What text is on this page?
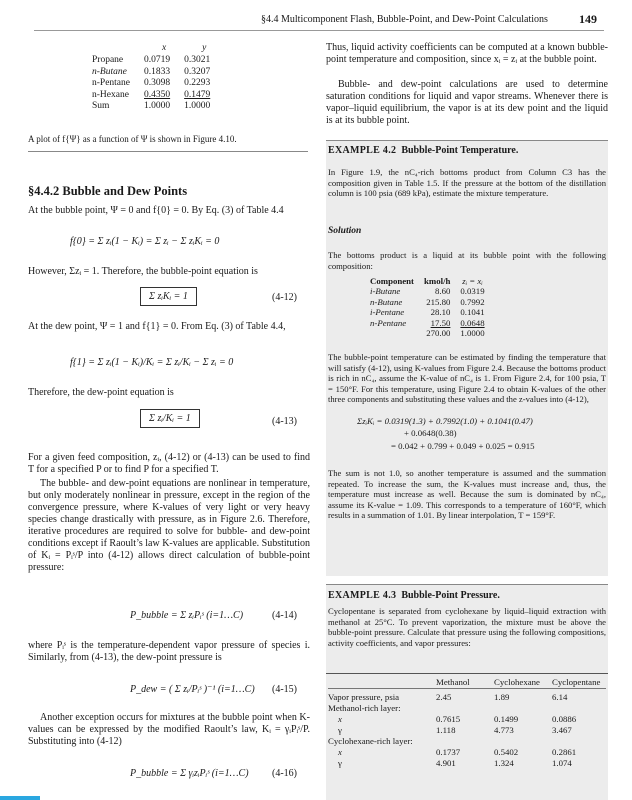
§4.4 Multicomponent Flash, Bubble-Point, and Dew-Point Calculations	149
	x	y
Propane	0.0719	0.3021
n-Butane	0.1833	0.3207
n-Pentane	0.3098	0.2293
n-Hexane	0.4350	0.1479
Sum	1.0000	1.0000
A plot of f{Ψ} as a function of Ψ is shown in Figure 4.10.
§4.4.2 Bubble and Dew Points

At the bubble point, Ψ = 0 and f{0} = 0. By Eq. (3) of Table 4.4

f{0} = Σ zᵢ(1 − Kᵢ) = Σ zᵢ − Σ zᵢKᵢ = 0

However, Σzᵢ = 1. Therefore, the bubble-point equation is

Σ zᵢKᵢ = 1	(4-12)

At the dew point, Ψ = 1 and f{1} = 0. From Eq. (3) of Table 4.4,

f{1} = Σ zᵢ(1 − Kᵢ)/Kᵢ = Σ zᵢ/Kᵢ − Σ zᵢ = 0

Therefore, the dew-point equation is

Σ zᵢ/Kᵢ = 1	(4-13)

For a given feed composition, zᵢ, (4-12) or (4-13) can be used to find T for a specified P or to find P for a specified T.

The bubble- and dew-point equations are nonlinear in temperature, but only moderately nonlinear in pressure, except in the region of the convergence pressure, where K-values of very light or very heavy species change drastically with pressure, as in Figure 2.6. Therefore, iterative procedures are required to solve for bubble- and dew-point conditions except if Raoult’s law K-values are applicable. Substitution of Kᵢ = Pᵢˢ/P into (4-12) allows direct calculation of bubble-point pressure:

P_bubble = Σ zᵢPᵢˢ (i=1…C)	(4-14)

where Pᵢˢ is the temperature-dependent vapor pressure of species i. Similarly, from (4-13), the dew-point pressure is

P_dew = ( Σ zᵢ/Pᵢˢ )⁻¹ (i=1…C) (4-15)

Another exception occurs for mixtures at the bubble point when K-values can be expressed by the modified Raoult’s law, Kᵢ = γᵢPᵢˢ/P. Substituting into (4-12)

P_bubble = Σ γᵢzᵢPᵢˢ (i=1…C) (4-16)

Thus, liquid activity coefficients can be computed at a known bubble-point temperature and composition, since xᵢ = zᵢ at the bubble point.

Bubble- and dew-point calculations are used to determine saturation conditions for liquid and vapor streams. Whenever there is vapor–liquid equilibrium, the vapor is at its dew point and the liquid is at its bubble point.

EXAMPLE 4.2 Bubble-Point Temperature.

In Figure 1.9, the nC₄-rich bottoms product from Column C3 has the composition given in Table 1.5. If the pressure at the bottom of the distillation column is 100 psia (689 kPa), estimate the mixture temperature.

Solution

The bottoms product is a liquid at its bubble point with the following composition:

Component	kmol/h	zᵢ = xᵢ
i-Butane	8.60	0.0319
n-Butane	215.80	0.7992
i-Pentane	28.10	0.1041
n-Pentane	17.50	0.0648
	270.00	1.0000

The bubble-point temperature can be estimated by finding the temperature that will satisfy (4-12), using K-values from Figure 2.4. Because the bottoms product is rich in nC₄, assume the K-value of nC₄ is 1. From Figure 2.4, for 100 psia, T = 150°F. For this temperature, using Figure 2.4 to obtain K-values of the other three components and substituting these values and the z-values into (4-12),

ΣzᵢKᵢ = 0.0319(1.3) + 0.7992(1.0) + 0.1041(0.47)
+ 0.0648(0.38)
= 0.042 + 0.799 + 0.049 + 0.025 = 0.915

The sum is not 1.0, so another temperature is assumed and the summation repeated. To increase the sum, the K-values must increase and, thus, the temperature must increase as well. Because the sum is dominated by nC₄, assume its K-value = 1.09. This corresponds to a temperature of 160°F, which results in a summation of 1.01. By linear interpolation, T = 159°F.

EXAMPLE 4.3 Bubble-Point Pressure.

Cyclopentane is separated from cyclohexane by liquid–liquid extraction with methanol at 25°C. To prevent vaporization, the mixture must be above the bubble-point pressure. Calculate that pressure using the following compositions, activity coefficients, and vapor pressures:

	Methanol	Cyclohexane	Cyclopentane

Vapor pressure, psia	2.45	1.89	6.14
Methanol-rich layer:			
x	0.7615	0.1499	0.0886
γ	1.118	4.773	3.467
Cyclohexane-rich layer:			
x	0.1737	0.5402	0.2861
γ	4.901	1.324	1.074
